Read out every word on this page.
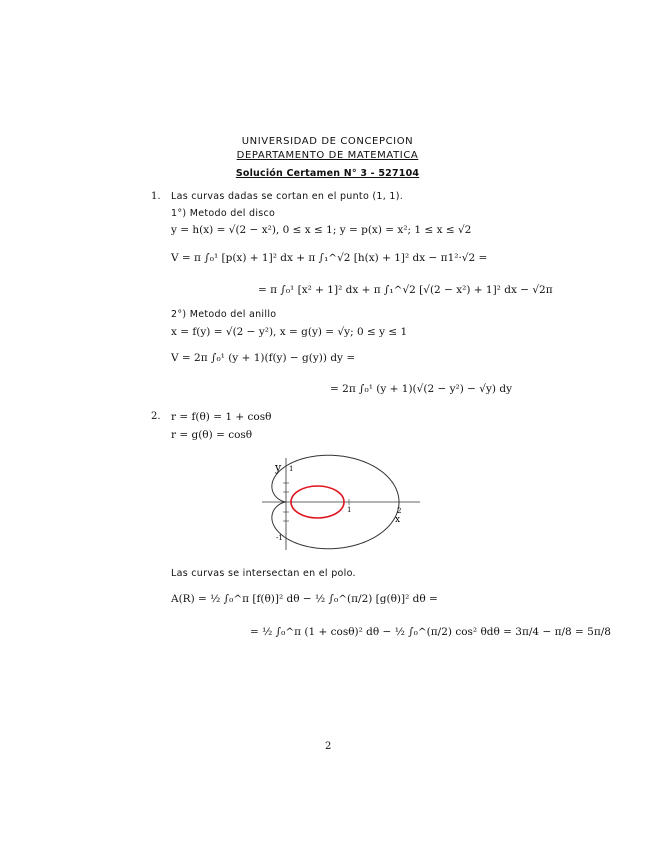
UNIVERSIDAD DE CONCEPCION
DEPARTAMENTO DE MATEMATICA
Solución Certamen N° 3 - 527104
1. Las curvas dadas se cortan en el punto (1, 1).
1°) Metodo del disco
y = h(x) = √(2 − x²), 0 ≤ x ≤ 1; y = p(x) = x²; 1 ≤ x ≤ √2
V = π ∫₀¹ [p(x) + 1]² dx + π ∫₁^√2 [h(x) + 1]² dx − π1²·√2 =
= π ∫₀¹ [x² + 1]² dx + π ∫₁^√2 [√(2 − x²) + 1]² dx − √2π
2°) Metodo del anillo
x = f(y) = √(2 − y²), x = g(y) = √y; 0 ≤ y ≤ 1
V = 2π ∫₀¹ (y + 1)(f(y) − g(y)) dy =
= 2π ∫₀¹ (y + 1)(√(2 − y²) − √y) dy
2. r = f(θ) = 1 + cosθ
r = g(θ) = cosθ
y
x
1
-1
1	2
Las curvas se intersectan en el polo.
A(R) = ½ ∫₀^π [f(θ)]² dθ − ½ ∫₀^(π/2) [g(θ)]² dθ =
= ½ ∫₀^π (1 + cosθ)² dθ − ½ ∫₀^(π/2) cos² θdθ = 3π/4 − π/8 = 5π/8
2
